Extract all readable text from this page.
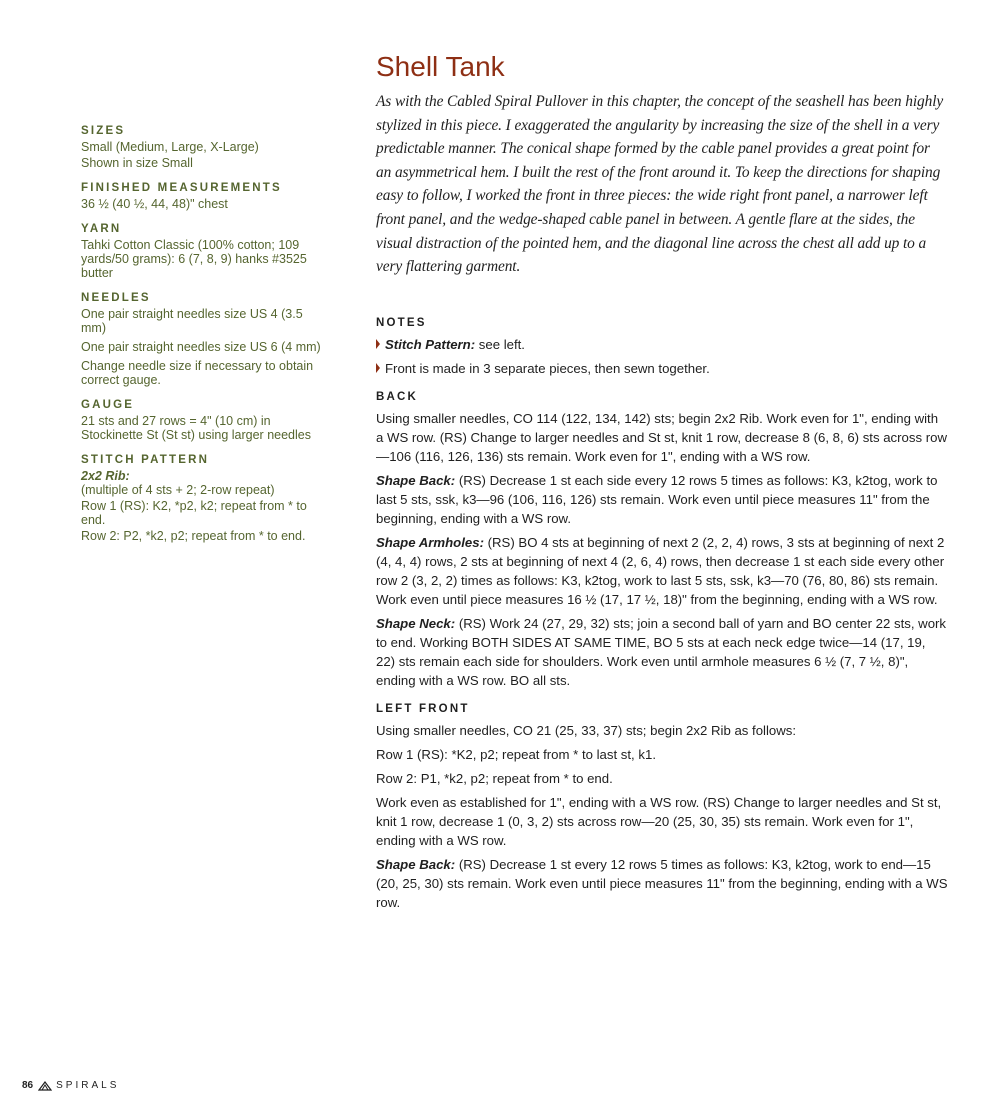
SIZES

Small (Medium, Large, X-Large)

Shown in size Small

FINISHED MEASUREMENTS

36 ½ (40 ½, 44, 48)" chest

YARN

Tahki Cotton Classic (100% cotton; 109 yards/50 grams): 6 (7, 8, 9) hanks #3525 butter

NEEDLES

One pair straight needles size US 4 (3.5 mm)

One pair straight needles size US 6 (4 mm)

Change needle size if necessary to obtain correct gauge.

GAUGE

21 sts and 27 rows = 4" (10 cm) in Stockinette St (St st) using larger needles

STITCH PATTERN
2x2 Rib:

(multiple of 4 sts + 2; 2-row repeat)

Row 1 (RS): K2, *p2, k2; repeat from * to end.

Row 2: P2, *k2, p2; repeat from * to end.

Shell Tank

As with the Cabled Spiral Pullover in this chapter, the concept of the seashell has been highly stylized in this piece. I exaggerated the angularity by increasing the size of the shell in a very predictable manner. The conical shape formed by the cable panel provides a great point for an asymmetrical hem. I built the rest of the front around it. To keep the directions for shaping easy to follow, I worked the front in three pieces: the wide right front panel, a narrower left front panel, and the wedge-shaped cable panel in between. A gentle flare at the sides, the visual distraction of the pointed hem, and the diagonal line across the chest all add up to a very flattering garment.

NOTES
Stitch Pattern: see left.
Front is made in 3 separate pieces, then sewn together.
BACK

Using smaller needles, CO 114 (122, 134, 142) sts; begin 2x2 Rib. Work even for 1", ending with a WS row. (RS) Change to larger needles and St st, knit 1 row, decrease 8 (6, 8, 6) sts across row—106 (116, 126, 136) sts remain. Work even for 1", ending with a WS row.

Shape Back: (RS) Decrease 1 st each side every 12 rows 5 times as follows: K3, k2tog, work to last 5 sts, ssk, k3—96 (106, 116, 126) sts remain. Work even until piece measures 11" from the beginning, ending with a WS row.

Shape Armholes: (RS) BO 4 sts at beginning of next 2 (2, 2, 4) rows, 3 sts at beginning of next 2 (4, 4, 4) rows, 2 sts at beginning of next 4 (2, 6, 4) rows, then decrease 1 st each side every other row 2 (3, 2, 2) times as follows: K3, k2tog, work to last 5 sts, ssk, k3—70 (76, 80, 86) sts remain. Work even until piece measures 16 ½ (17, 17 ½, 18)" from the beginning, ending with a WS row.

Shape Neck: (RS) Work 24 (27, 29, 32) sts; join a second ball of yarn and BO center 22 sts, work to end. Working BOTH SIDES AT SAME TIME, BO 5 sts at each neck edge twice—14 (17, 19, 22) sts remain each side for shoulders. Work even until armhole measures 6 ½ (7, 7 ½, 8)", ending with a WS row. BO all sts.

LEFT FRONT

Using smaller needles, CO 21 (25, 33, 37) sts; begin 2x2 Rib as follows:

Row 1 (RS): *K2, p2; repeat from * to last st, k1.

Row 2: P1, *k2, p2; repeat from * to end.

Work even as established for 1", ending with a WS row. (RS) Change to larger needles and St st, knit 1 row, decrease 1 (0, 3, 2) sts across row—20 (25, 30, 35) sts remain. Work even for 1", ending with a WS row.

Shape Back: (RS) Decrease 1 st every 12 rows 5 times as follows: K3, k2tog, work to end—15 (20, 25, 30) sts remain. Work even until piece measures 11" from the beginning, ending with a WS row.

86 SPIRALS
